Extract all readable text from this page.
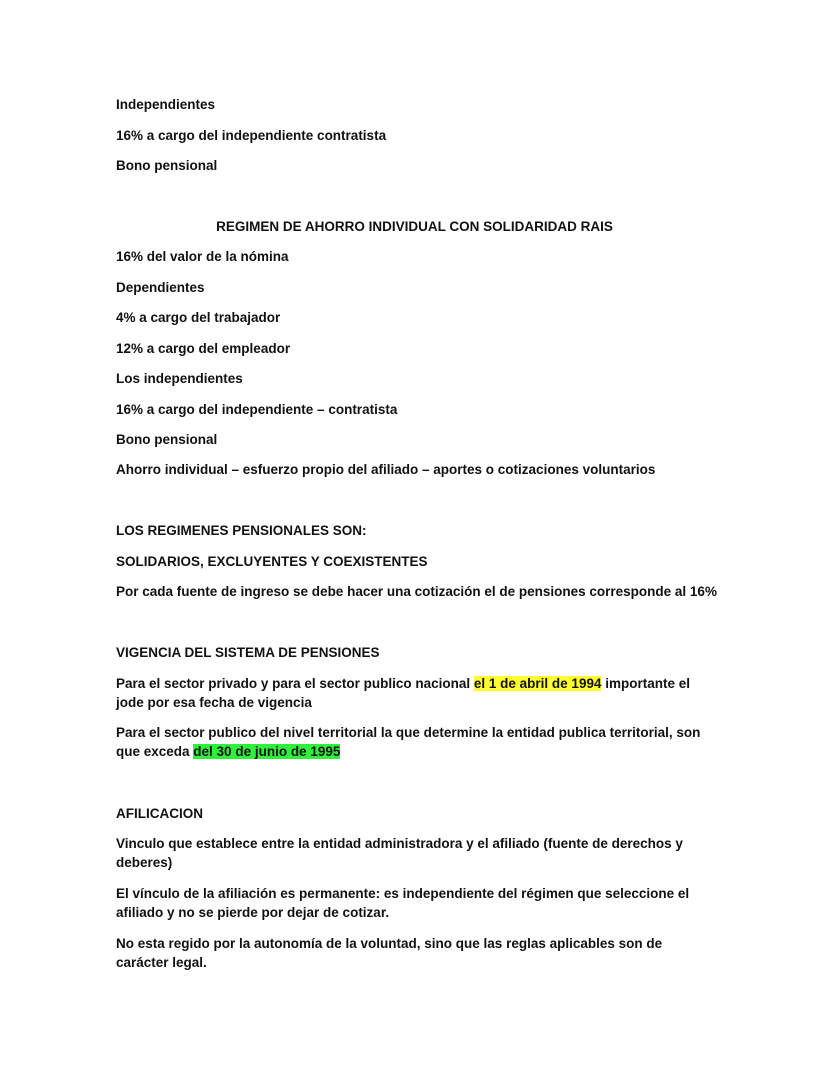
Independientes
16% a cargo del independiente contratista
Bono pensional
REGIMEN DE AHORRO INDIVIDUAL CON SOLIDARIDAD RAIS
16% del valor de la nómina
Dependientes
4% a cargo del trabajador
12% a cargo del empleador
Los independientes
16% a cargo del independiente – contratista
Bono pensional
Ahorro individual – esfuerzo propio del afiliado – aportes o cotizaciones voluntarios
LOS REGIMENES PENSIONALES SON:
SOLIDARIOS, EXCLUYENTES Y COEXISTENTES
Por cada fuente de ingreso se debe hacer una cotización el de pensiones corresponde al 16%
VIGENCIA DEL SISTEMA DE PENSIONES
Para el sector privado y para el sector publico nacional el 1 de abril de 1994 importante el jode por esa fecha de vigencia
Para el sector publico del nivel territorial la que determine la entidad publica territorial, son que exceda del 30 de junio de 1995
AFILICACION
Vinculo que establece entre la entidad administradora y el afiliado (fuente de derechos y deberes)
El vínculo de la afiliación es permanente: es independiente del régimen que seleccione el afiliado y no se pierde por dejar de cotizar.
No esta regido por la autonomía de la voluntad, sino que las reglas aplicables son de carácter legal.
